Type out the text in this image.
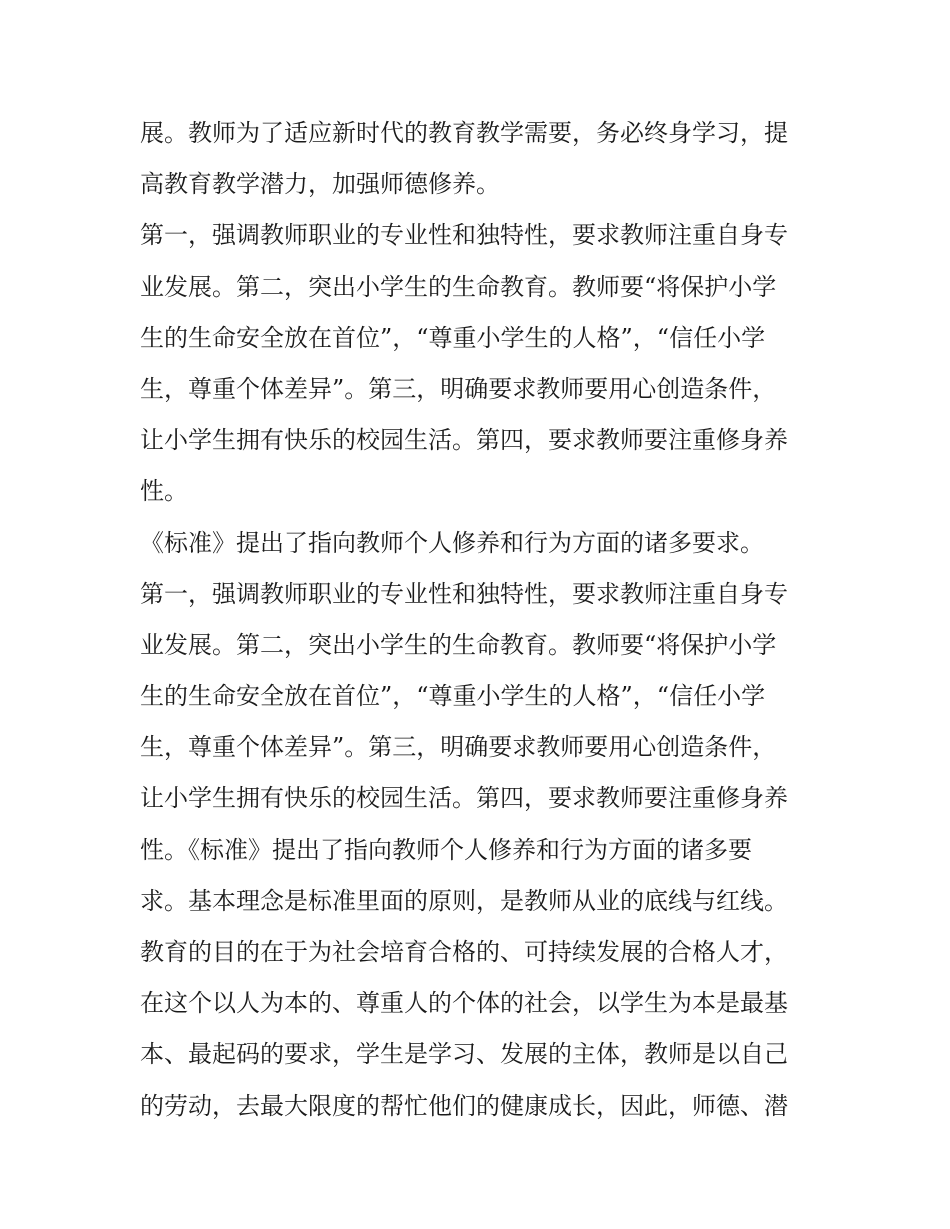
展。教师为了适应新时代的教育教学需要，务必终身学习，提
高教育教学潜力，加强师德修养。
第一，强调教师职业的专业性和独特性，要求教师注重自身专
业发展。第二，突出小学生的生命教育。教师要“将保护小学
生的生命安全放在首位”，“尊重小学生的人格”，“信任小学
生，尊重个体差异”。第三，明确要求教师要用心创造条件，
让小学生拥有快乐的校园生活。第四，要求教师要注重修身养
性。
《标准》提出了指向教师个人修养和行为方面的诸多要求。
第一，强调教师职业的专业性和独特性，要求教师注重自身专
业发展。第二，突出小学生的生命教育。教师要“将保护小学
生的生命安全放在首位”，“尊重小学生的人格”，“信任小学
生，尊重个体差异”。第三，明确要求教师要用心创造条件，
让小学生拥有快乐的校园生活。第四，要求教师要注重修身养
性。《标准》提出了指向教师个人修养和行为方面的诸多要
求。基本理念是标准里面的原则，是教师从业的底线与红线。
教育的目的在于为社会培育合格的、可持续发展的合格人才，
在这个以人为本的、尊重人的个体的社会，以学生为本是最基
本、最起码的要求，学生是学习、发展的主体，教师是以自己
的劳动，去最大限度的帮忙他们的健康成长，因此，师德、潜
